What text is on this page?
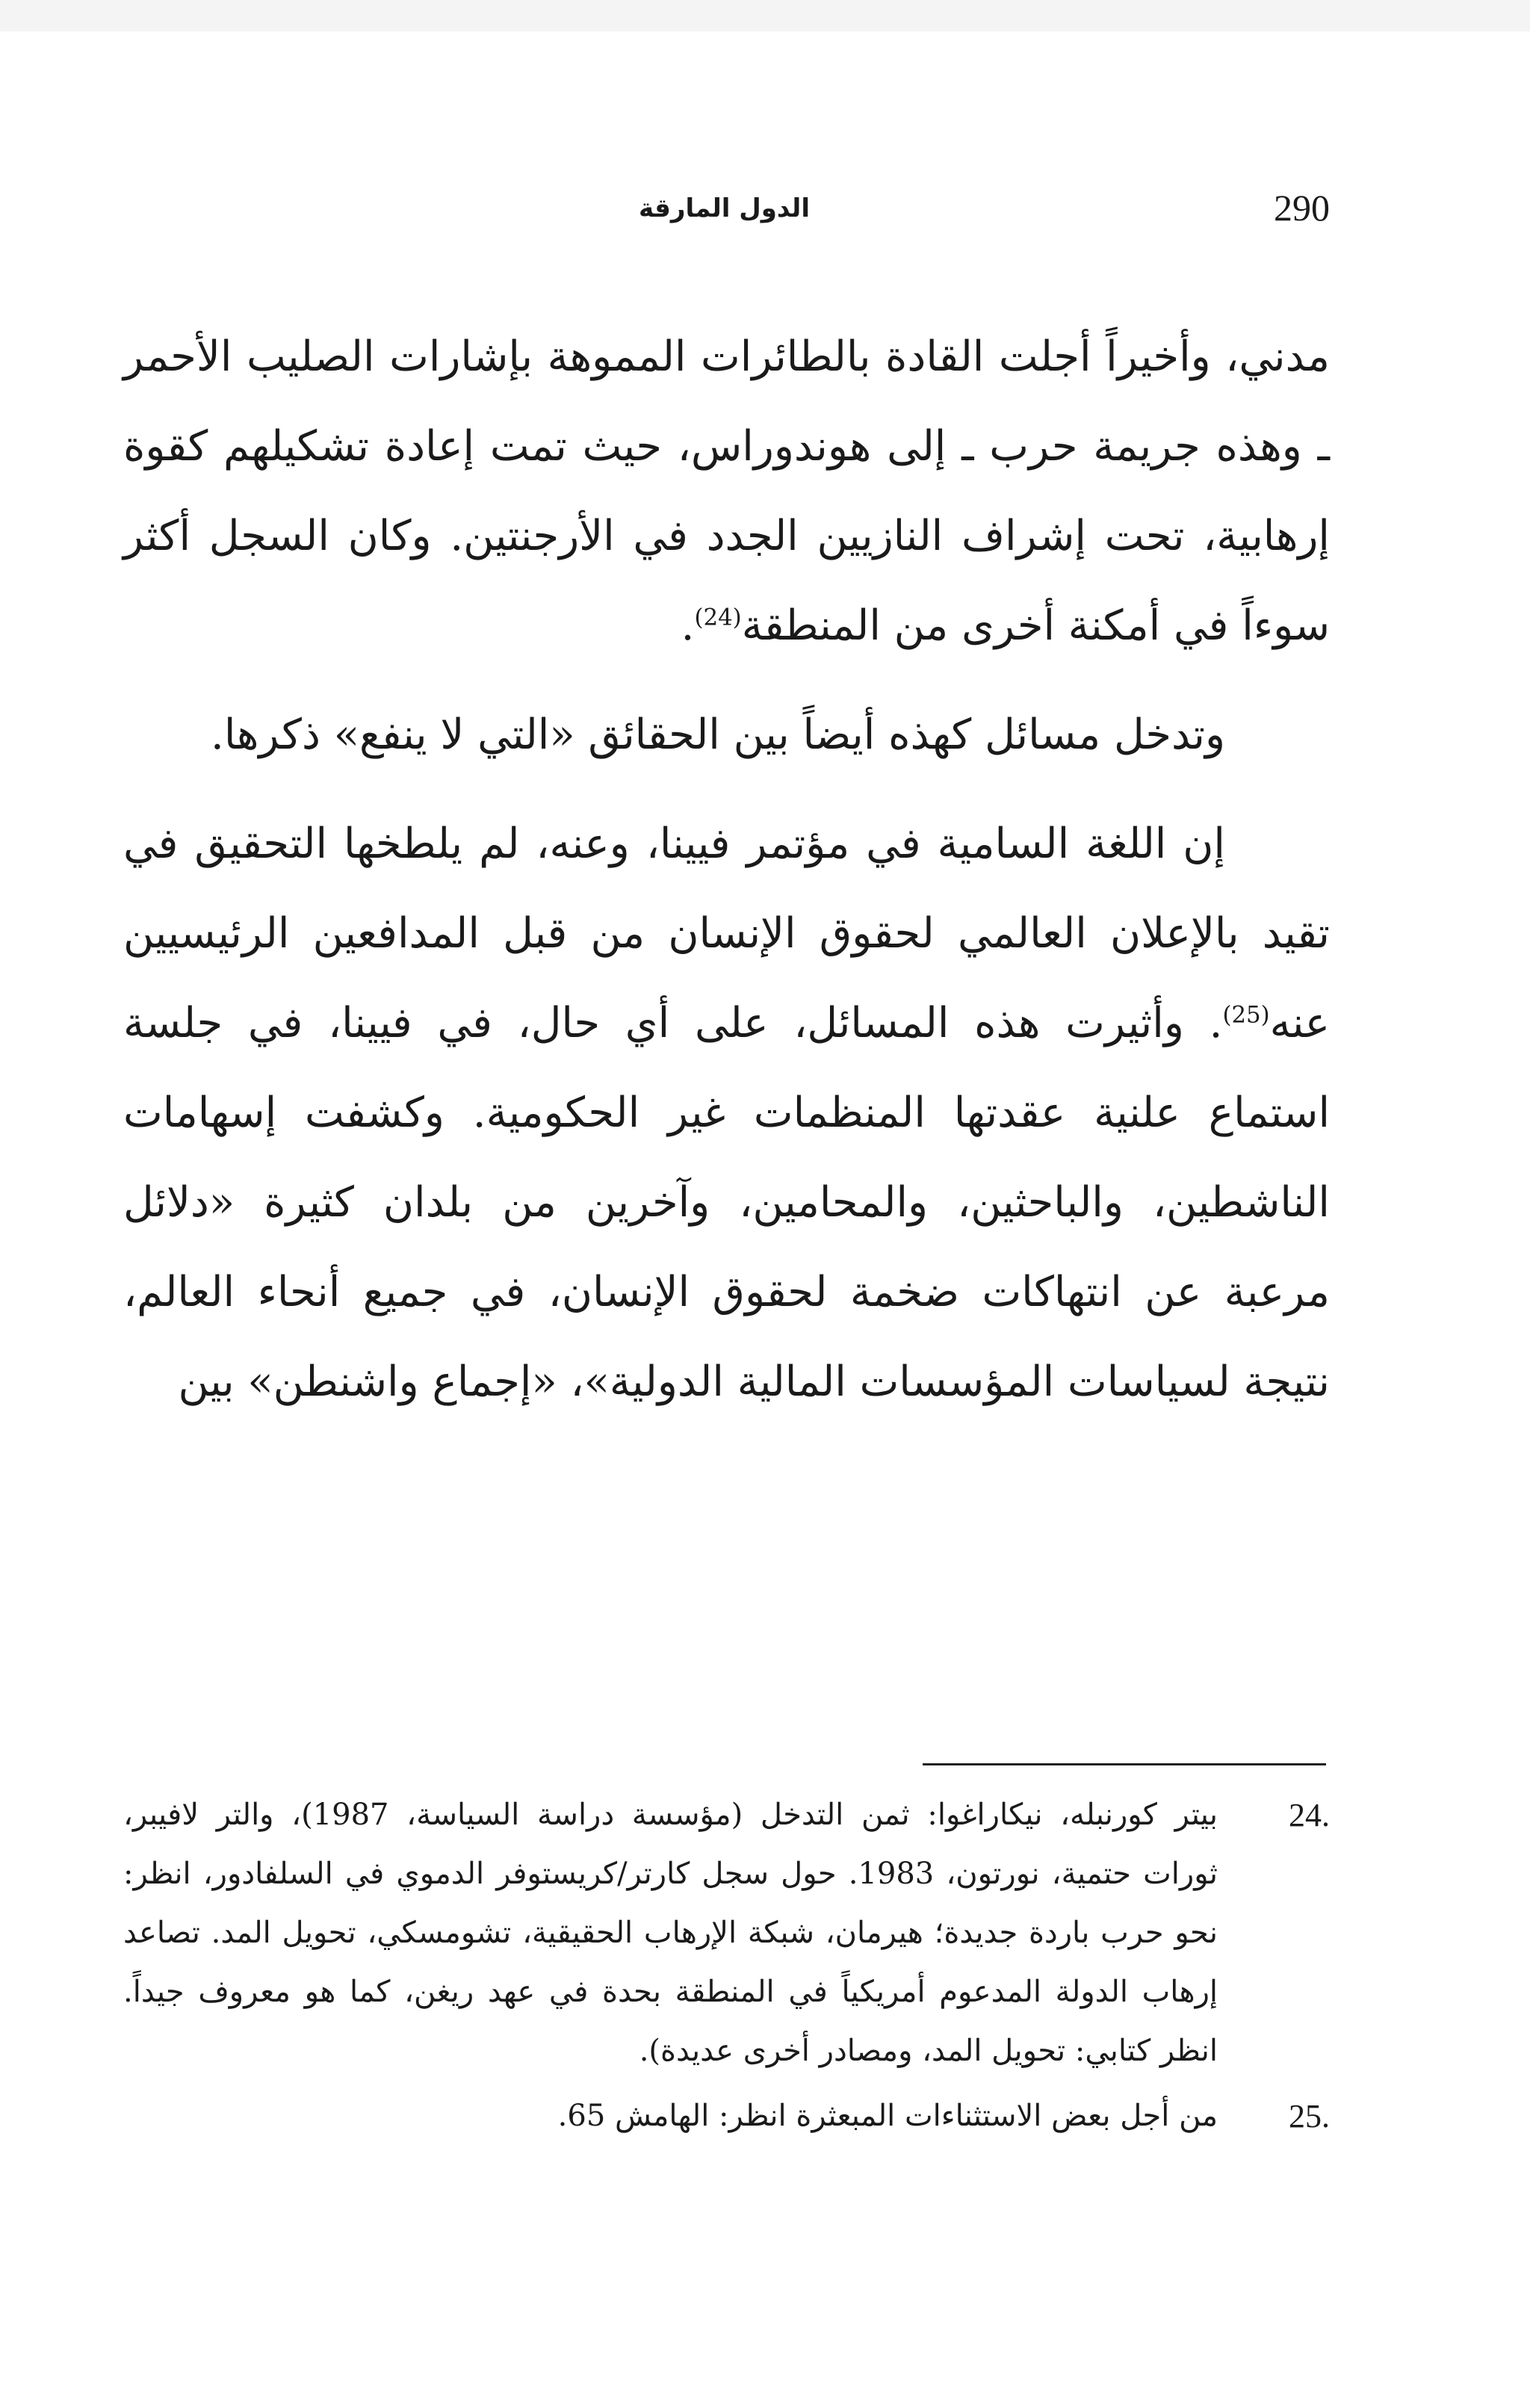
الدول المارقة	290

مدني، وأخيراً أجلت القادة بالطائرات المموهة بإشارات الصليب الأحمر ـ وهذه جريمة حرب ـ إلى هوندوراس، حيث تمت إعادة تشكيلهم كقوة إرهابية، تحت إشراف النازيين الجدد في الأرجنتين. وكان السجل أكثر سوءاً في أمكنة أخرى من المنطقة$^{(24)}$.

وتدخل مسائل كهذه أيضاً بين الحقائق «التي لا ينفع» ذكرها.

إن اللغة السامية في مؤتمر فيينا، وعنه، لم يلطخها التحقيق في تقيد بالإعلان العالمي لحقوق الإنسان من قبل المدافعين الرئيسيين عنه$^{(25)}$. وأثيرت هذه المسائل، على أي حال، في فيينا، في جلسة استماع علنية عقدتها المنظمات غير الحكومية. وكشفت إسهامات الناشطين، والباحثين، والمحامين، وآخرين من بلدان كثيرة «دلائل مرعبة عن انتهاكات ضخمة لحقوق الإنسان، في جميع أنحاء العالم، نتيجة لسياسات المؤسسات المالية الدولية»، «إجماع واشنطن» بين

24.
بيتر كورنبله، نيكاراغوا: ثمن التدخل (مؤسسة دراسة السياسة، 1987)، والتر لافيبر، ثورات حتمية، نورتون، 1983. حول سجل كارتر/كريستوفر الدموي في السلفادور، انظر: نحو حرب باردة جديدة؛ هيرمان، شبكة الإرهاب الحقيقية، تشومسكي، تحويل المد. تصاعد إرهاب الدولة المدعوم أمريكياً في المنطقة بحدة في عهد ريغن، كما هو معروف جيداً. انظر كتابي: تحويل المد، ومصادر أخرى عديدة).
25.
من أجل بعض الاستثناءات المبعثرة انظر: الهامش 65.
